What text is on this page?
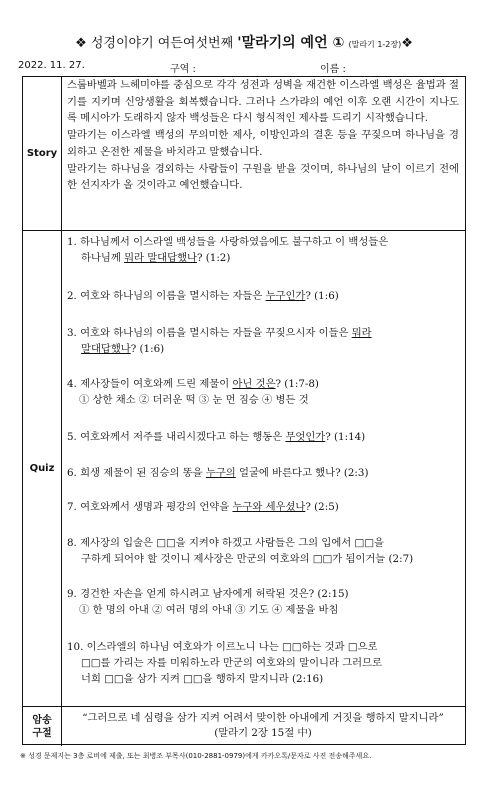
❖ 성경이야기 여든여섯번째 '말라기의 예언 ① (말라기 1-2장)❖
2022. 11. 27.	구역 :	이름 :
Story

스룹바벨과 느헤미야를 중심으로 각각 성전과 성벽을 재건한 이스라엘 백성은 율법과 절기를 지키며 신앙생활을 회복했습니다. 그러나 스가랴의 예언 이후 오랜 시간이 지나도록 메시아가 도래하지 않자 백성들은 다시 형식적인 제사를 드리기 시작했습니다.

말라기는 이스라엘 백성의 무의미한 제사, 이방인과의 결혼 등을 꾸짖으며 하나님을 경외하고 온전한 제물을 바치라고 말했습니다.

말라기는 하나님을 경외하는 사람들이 구원을 받을 것이며, 하나님의 날이 이르기 전에 한 선지자가 올 것이라고 예언했습니다.

Quiz
1. 하나님께서 이스라엘 백성들을 사랑하였음에도 불구하고 이 백성들은
하나님께 뭐라 말대답했나? (1:2)
2. 여호와 하나님의 이름을 멸시하는 자들은 누구인가? (1:6)
3. 여호와 하나님의 이름을 멸시하는 자들을 꾸짖으시자 이들은 뭐라
말대답했나? (1:6)
4. 제사장들이 여호와께 드린 제물이 아닌 것은? (1:7-8)
① 상한 채소 ② 더러운 떡 ③ 눈 먼 짐승 ④ 병든 것
5. 여호와께서 저주를 내리시겠다고 하는 행동은 무엇인가? (1:14)
6. 희생 제물이 된 짐승의 똥을 누구의 얼굴에 바른다고 했나? (2:3)
7. 여호와께서 생명과 평강의 언약을 누구와 세우셨나? (2:5)
8. 제사장의 입술은 □□을 지켜야 하겠고 사람들은 그의 입에서 □□을
구하게 되어야 할 것이니 제사장은 만군의 여호와의 □□가 됨이거늘 (2:7)
9. 경건한 자손을 얻게 하시려고 남자에게 허락된 것은? (2:15)
① 한 명의 아내 ② 여러 명의 아내 ③ 기도 ④ 제물을 바침
10. 이스라엘의 하나님 여호와가 이르노니 나는 □□하는 것과 □으로
□□를 가리는 자를 미워하노라 만군의 여호와의 말이니라 그러므로
너희 □□을 삼가 지켜 □□을 행하지 말지니라 (2:16)
암송
구절
“그러므로 네 심령을 삼가 지켜 어려서 맞이한 아내에게 거짓을 행하지 말지니라”
(말라기 2장 15절 中)
※ 성경 문제지는 3층 로비에 제출, 또는 최병조 부목사(010-2881-0979)에게 카카오톡/문자로 사진 전송해주세요.
